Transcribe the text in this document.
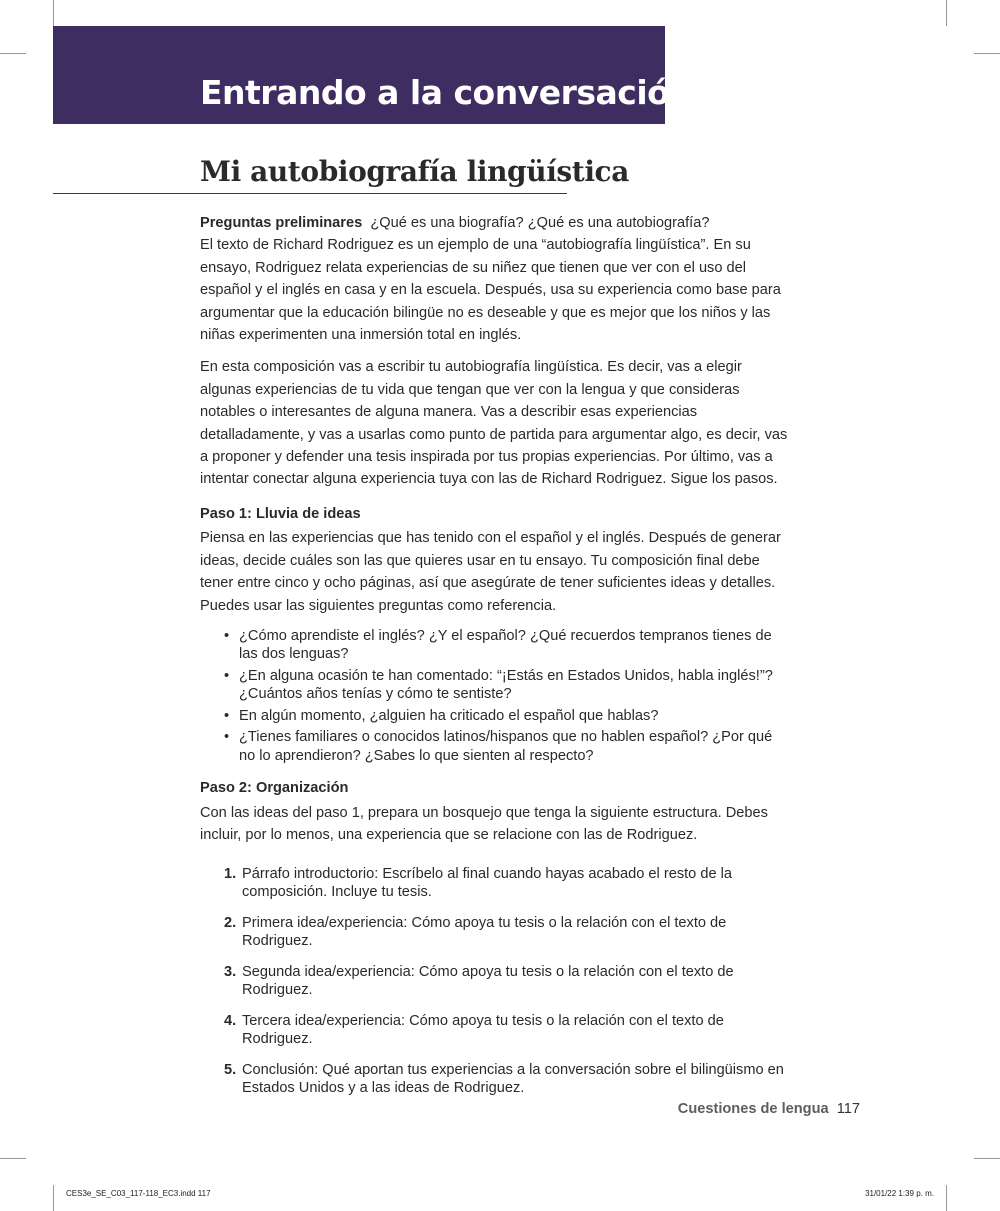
Entrando a la conversación 3
Mi autobiografía lingüística

Preguntas preliminares ¿Qué es una biografía? ¿Qué es una autobiografía?

El texto de Richard Rodriguez es un ejemplo de una “autobiografía lingüística”. En su ensayo, Rodriguez relata experiencias de su niñez que tienen que ver con el uso del español y el inglés en casa y en la escuela. Después, usa su experiencia como base para argumentar que la educación bilingüe no es deseable y que es mejor que los niños y las niñas experimenten una inmersión total en inglés.

En esta composición vas a escribir tu autobiografía lingüística. Es decir, vas a elegir algunas experiencias de tu vida que tengan que ver con la lengua y que consideras notables o interesantes de alguna manera. Vas a describir esas experiencias detalladamente, y vas a usarlas como punto de partida para argumentar algo, es decir, vas a proponer y defender una tesis inspirada por tus propias experiencias. Por último, vas a intentar conectar alguna experiencia tuya con las de Richard Rodriguez. Sigue los pasos.

Paso 1: Lluvia de ideas

Piensa en las experiencias que has tenido con el español y el inglés. Después de generar ideas, decide cuáles son las que quieres usar en tu ensayo. Tu composición final debe tener entre cinco y ocho páginas, así que asegúrate de tener suficientes ideas y detalles. Puedes usar las siguientes preguntas como referencia.

• ¿Cómo aprendiste el inglés? ¿Y el español? ¿Qué recuerdos tempranos tienes de las dos lenguas?
• ¿En alguna ocasión te han comentado: “¡Estás en Estados Unidos, habla inglés!”? ¿Cuántos años tenías y cómo te sentiste?
• En algún momento, ¿alguien ha criticado el español que hablas?
• ¿Tienes familiares o conocidos latinos/hispanos que no hablen español? ¿Por qué no lo aprendieron? ¿Sabes lo que sienten al respecto?

Paso 2: Organización

Con las ideas del paso 1, prepara un bosquejo que tenga la siguiente estructura. Debes incluir, por lo menos, una experiencia que se relacione con las de Rodriguez.

1. Párrafo introductorio: Escríbelo al final cuando hayas acabado el resto de la composición. Incluye tu tesis.
2. Primera idea/experiencia: Cómo apoya tu tesis o la relación con el texto de Rodriguez.
3. Segunda idea/experiencia: Cómo apoya tu tesis o la relación con el texto de Rodriguez.
4. Tercera idea/experiencia: Cómo apoya tu tesis o la relación con el texto de Rodriguez.
5. Conclusión: Qué aportan tus experiencias a la conversación sobre el bilingüismo en Estados Unidos y a las ideas de Rodriguez.
Cuestiones de lengua 117
CES3e_SE_C03_117-118_EC3.indd 117	31/01/22 1:39 p. m.
